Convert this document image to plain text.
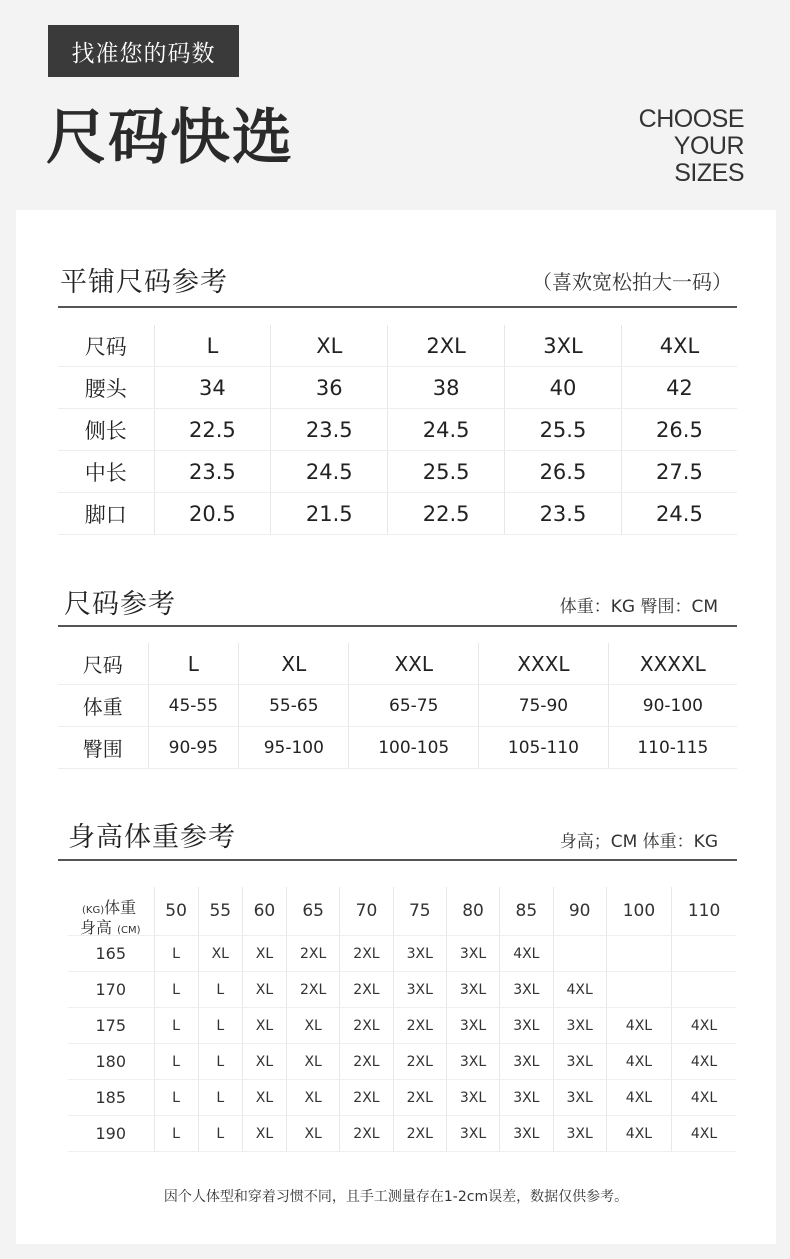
找准您的码数
尺码快选	CHOOSE
YOUR
SIZES
平铺尺码参考	（喜欢宽松拍大一码）
尺码	L	XL	2XL	3XL	4XL
腰头	34	36	38	40	42
侧长	22.5	23.5	24.5	25.5	26.5
中长	23.5	24.5	25.5	26.5	27.5
脚口	20.5	21.5	22.5	23.5	24.5
尺码参考	体重：KG 臀围：CM
尺码	L	XL	XXL	XXXL	XXXXL
体重	45-55	55-65	65-75	75-90	90-100
臀围	90-95	95-100	100-105	105-110	110-115
身高体重参考	身高；CM 体重：KG
(KG)体重
身高 (CM)	50	55	60	65	70	75	80	85	90	100	110
165	L	XL	XL	2XL	2XL	3XL	3XL	4XL			
170	L	L	XL	2XL	2XL	3XL	3XL	3XL	4XL		
175	L	L	XL	XL	2XL	2XL	3XL	3XL	3XL	4XL	4XL
180	L	L	XL	XL	2XL	2XL	3XL	3XL	3XL	4XL	4XL
185	L	L	XL	XL	2XL	2XL	3XL	3XL	3XL	4XL	4XL
190	L	L	XL	XL	2XL	2XL	3XL	3XL	3XL	4XL	4XL
因个人体型和穿着习惯不同，且手工测量存在1-2cm误差，数据仅供参考。
